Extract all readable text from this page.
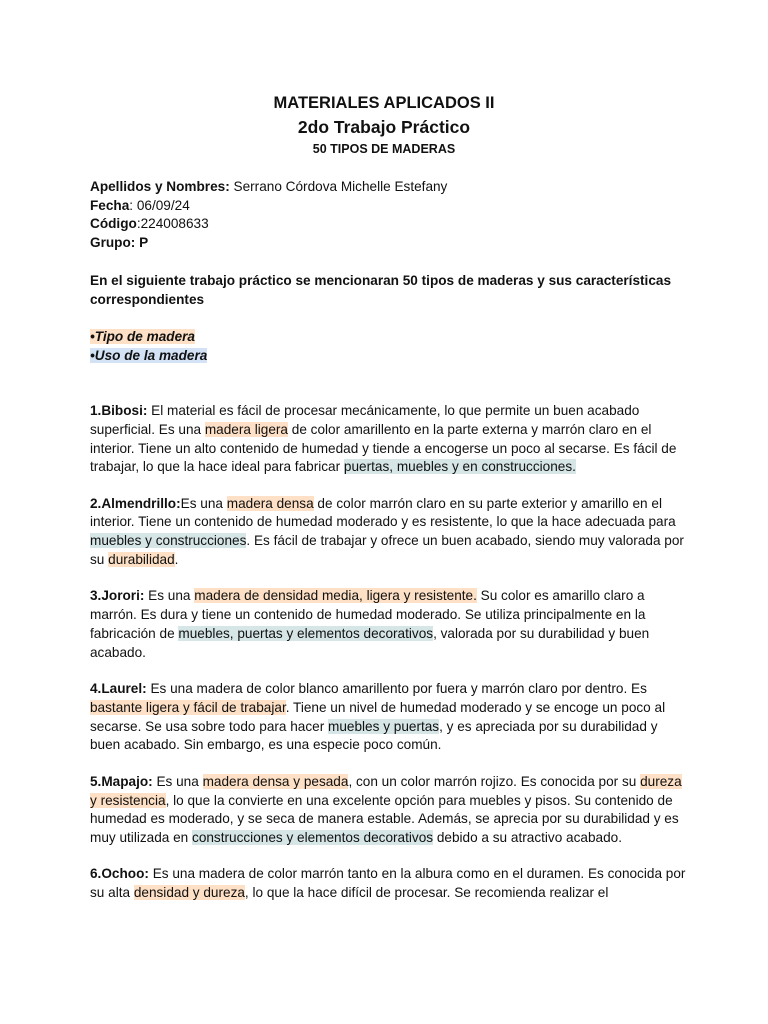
MATERIALES APLICADOS II
2do Trabajo Práctico
50 TIPOS DE MADERAS
Apellidos y Nombres: Serrano Córdova Michelle Estefany
Fecha: 06/09/24
Código:224008633
Grupo: P
En el siguiente trabajo práctico se mencionaran 50 tipos de maderas y sus características correspondientes
•Tipo de madera
•Uso de la madera

1.Bibosi: El material es fácil de procesar mecánicamente, lo que permite un buen acabado superficial. Es una madera ligera de color amarillento en la parte externa y marrón claro en el interior. Tiene un alto contenido de humedad y tiende a encogerse un poco al secarse. Es fácil de trabajar, lo que la hace ideal para fabricar puertas, muebles y en construcciones.

2.Almendrillo:Es una madera densa de color marrón claro en su parte exterior y amarillo en el interior. Tiene un contenido de humedad moderado y es resistente, lo que la hace adecuada para muebles y construcciones. Es fácil de trabajar y ofrece un buen acabado, siendo muy valorada por su durabilidad.

3.Jorori: Es una madera de densidad media, ligera y resistente. Su color es amarillo claro a marrón. Es dura y tiene un contenido de humedad moderado. Se utiliza principalmente en la fabricación de muebles, puertas y elementos decorativos, valorada por su durabilidad y buen acabado.

4.Laurel: Es una madera de color blanco amarillento por fuera y marrón claro por dentro. Es bastante ligera y fácil de trabajar. Tiene un nivel de humedad moderado y se encoge un poco al secarse. Se usa sobre todo para hacer muebles y puertas, y es apreciada por su durabilidad y buen acabado. Sin embargo, es una especie poco común.

5.Mapajo: Es una madera densa y pesada, con un color marrón rojizo. Es conocida por su dureza y resistencia, lo que la convierte en una excelente opción para muebles y pisos. Su contenido de humedad es moderado, y se seca de manera estable. Además, se aprecia por su durabilidad y es muy utilizada en construcciones y elementos decorativos debido a su atractivo acabado.

6.Ochoo: Es una madera de color marrón tanto en la albura como en el duramen. Es conocida por su alta densidad y dureza, lo que la hace difícil de procesar. Se recomienda realizar el
